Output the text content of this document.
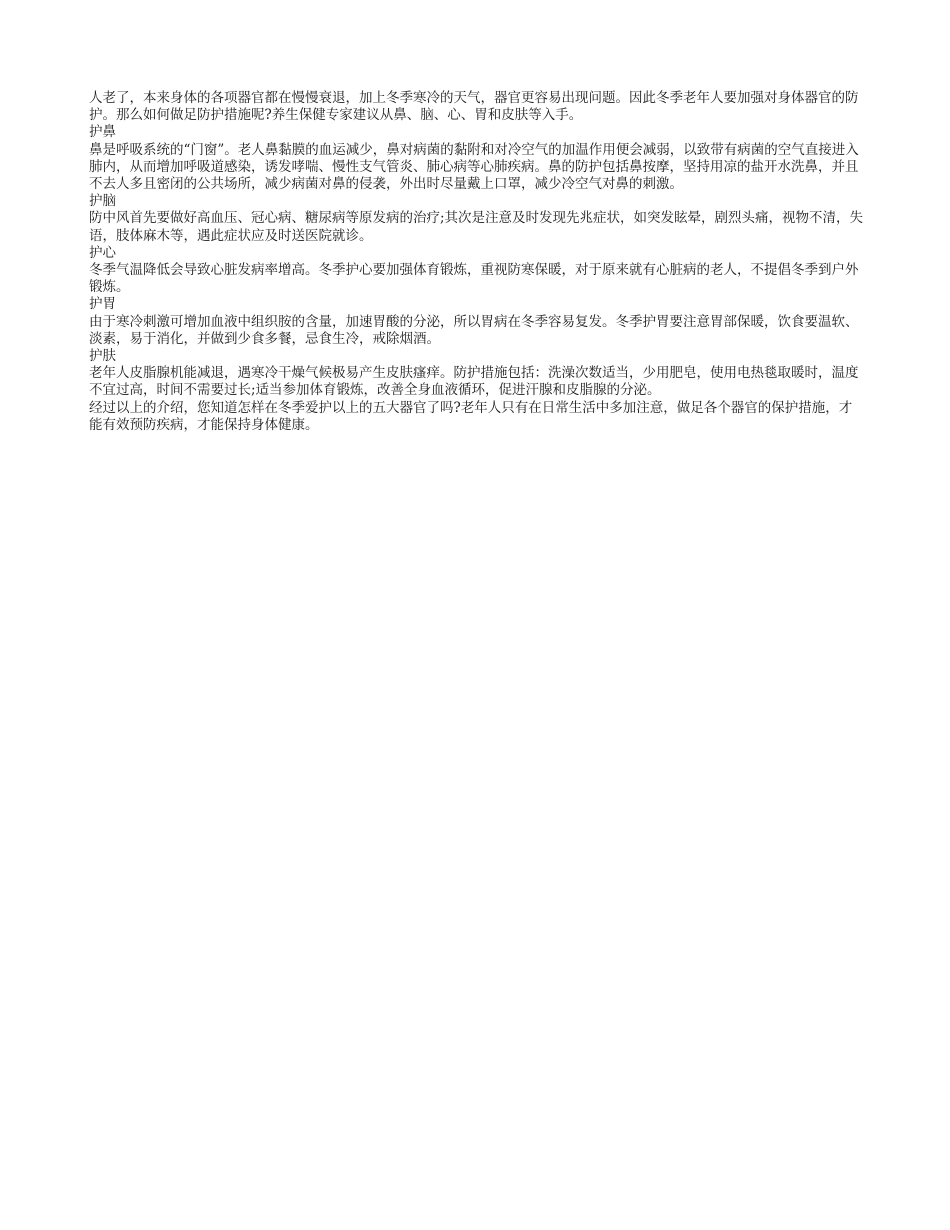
人老了，本来身体的各项器官都在慢慢衰退，加上冬季寒冷的天气，器官更容易出现问题。因此冬季老年人要加强对身体器官的防护。那么如何做足防护措施呢?养生保健专家建议从鼻、脑、心、胃和皮肤等入手。

护鼻

鼻是呼吸系统的“门窗”。老人鼻黏膜的血运减少，鼻对病菌的黏附和对冷空气的加温作用便会减弱，以致带有病菌的空气直接进入肺内，从而增加呼吸道感染，诱发哮喘、慢性支气管炎、肺心病等心肺疾病。鼻的防护包括鼻按摩，坚持用凉的盐开水洗鼻，并且不去人多且密闭的公共场所，减少病菌对鼻的侵袭，外出时尽量戴上口罩，减少冷空气对鼻的刺激。

护脑

防中风首先要做好高血压、冠心病、糖尿病等原发病的治疗;其次是注意及时发现先兆症状，如突发眩晕，剧烈头痛，视物不清，失语，肢体麻木等，遇此症状应及时送医院就诊。

护心

冬季气温降低会导致心脏发病率增高。冬季护心要加强体育锻炼，重视防寒保暖，对于原来就有心脏病的老人，不提倡冬季到户外锻炼。

护胃

由于寒冷刺激可增加血液中组织胺的含量，加速胃酸的分泌，所以胃病在冬季容易复发。冬季护胃要注意胃部保暖，饮食要温软、淡素，易于消化，并做到少食多餐，忌食生冷，戒除烟酒。

护肤

老年人皮脂腺机能减退，遇寒冷干燥气候极易产生皮肤瘙痒。防护措施包括：洗澡次数适当，少用肥皂，使用电热毯取暖时，温度不宜过高，时间不需要过长;适当参加体育锻炼，改善全身血液循环，促进汗腺和皮脂腺的分泌。

经过以上的介绍，您知道怎样在冬季爱护以上的五大器官了吗?老年人只有在日常生活中多加注意，做足各个器官的保护措施，才能有效预防疾病，才能保持身体健康。
